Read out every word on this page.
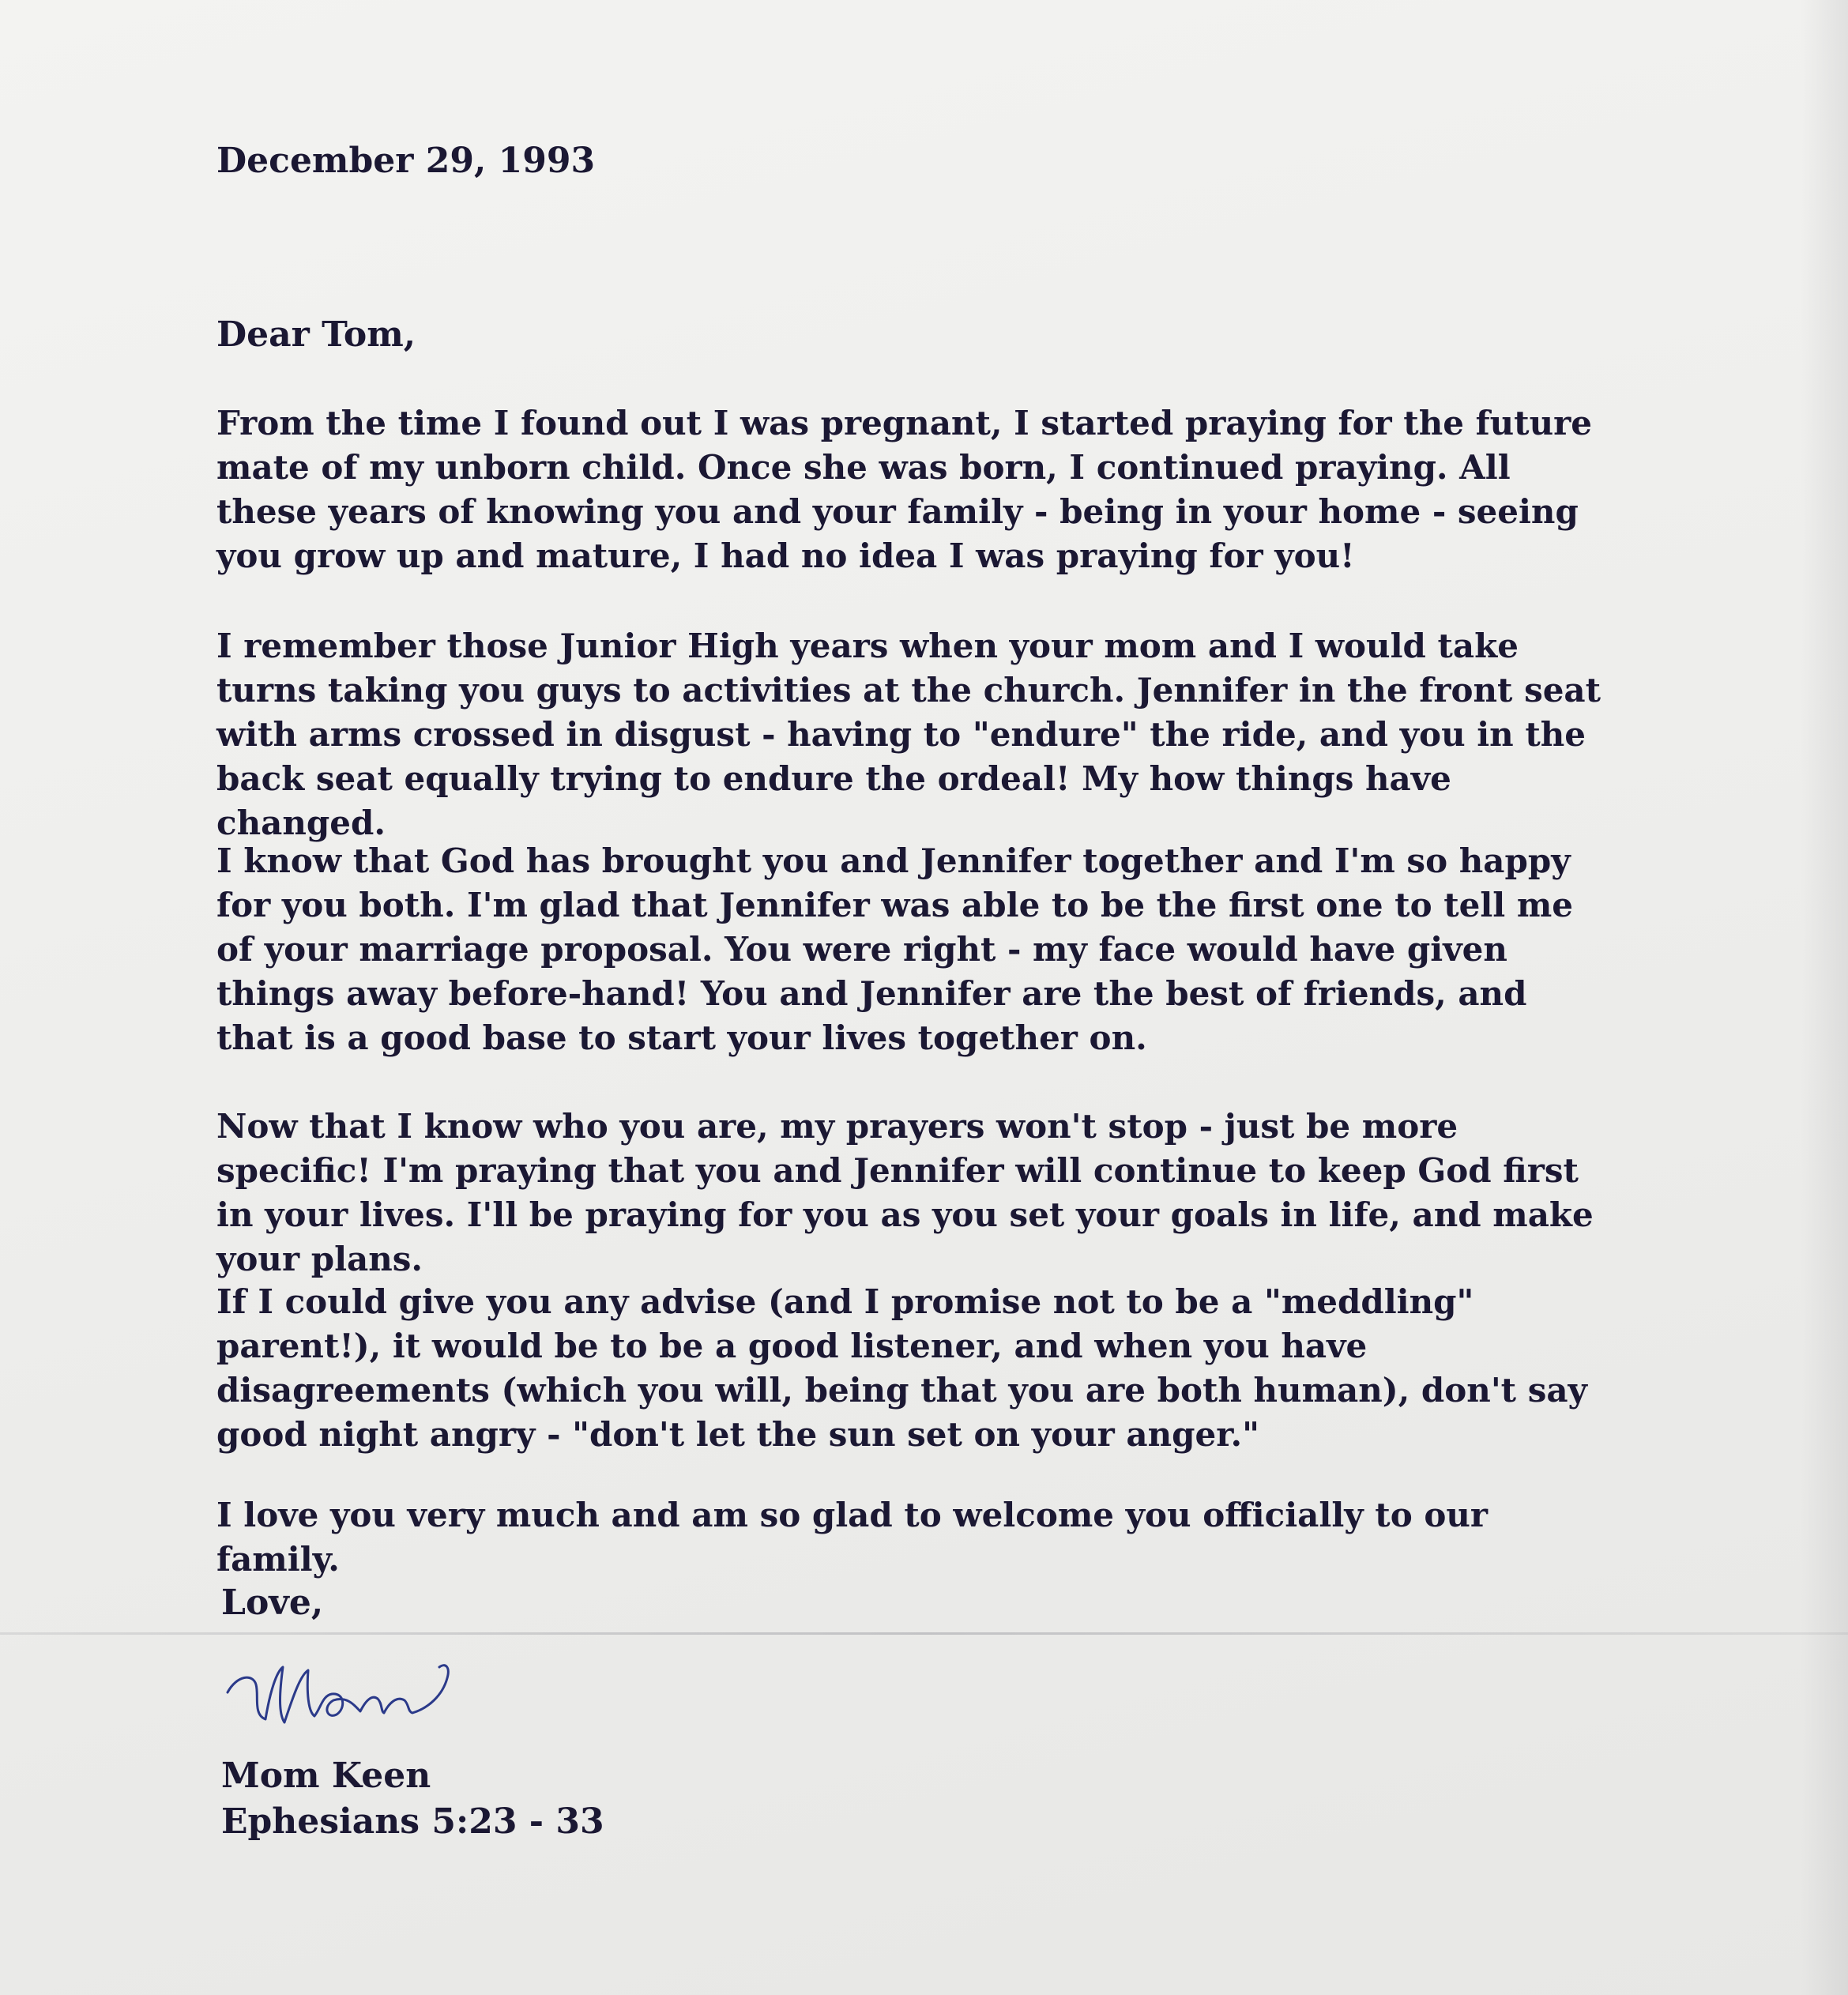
December 29, 1993
Dear Tom,

From the time I found out I was pregnant, I started praying for the future mate of my unborn child. Once she was born, I continued praying. All these years of knowing you and your family - being in your home - seeing you grow up and mature, I had no idea I was praying for you!

I remember those Junior High years when your mom and I would take turns taking you guys to activities at the church. Jennifer in the front seat with arms crossed in disgust - having to "endure" the ride, and you in the back seat equally trying to endure the ordeal! My how things have changed.

I know that God has brought you and Jennifer together and I'm so happy for you both. I'm glad that Jennifer was able to be the first one to tell me of your marriage proposal. You were right - my face would have given things away before-hand! You and Jennifer are the best of friends, and that is a good base to start your lives together on.

Now that I know who you are, my prayers won't stop - just be more specific! I'm praying that you and Jennifer will continue to keep God first in your lives. I'll be praying for you as you set your goals in life, and make your plans.

If I could give you any advise (and I promise not to be a "meddling" parent!), it would be to be a good listener, and when you have disagreements (which you will, being that you are both human), don't say good night angry - "don't let the sun set on your anger."

I love you very much and am so glad to welcome you officially to our family.

Love,
Mom Keen
Ephesians 5:23 - 33
